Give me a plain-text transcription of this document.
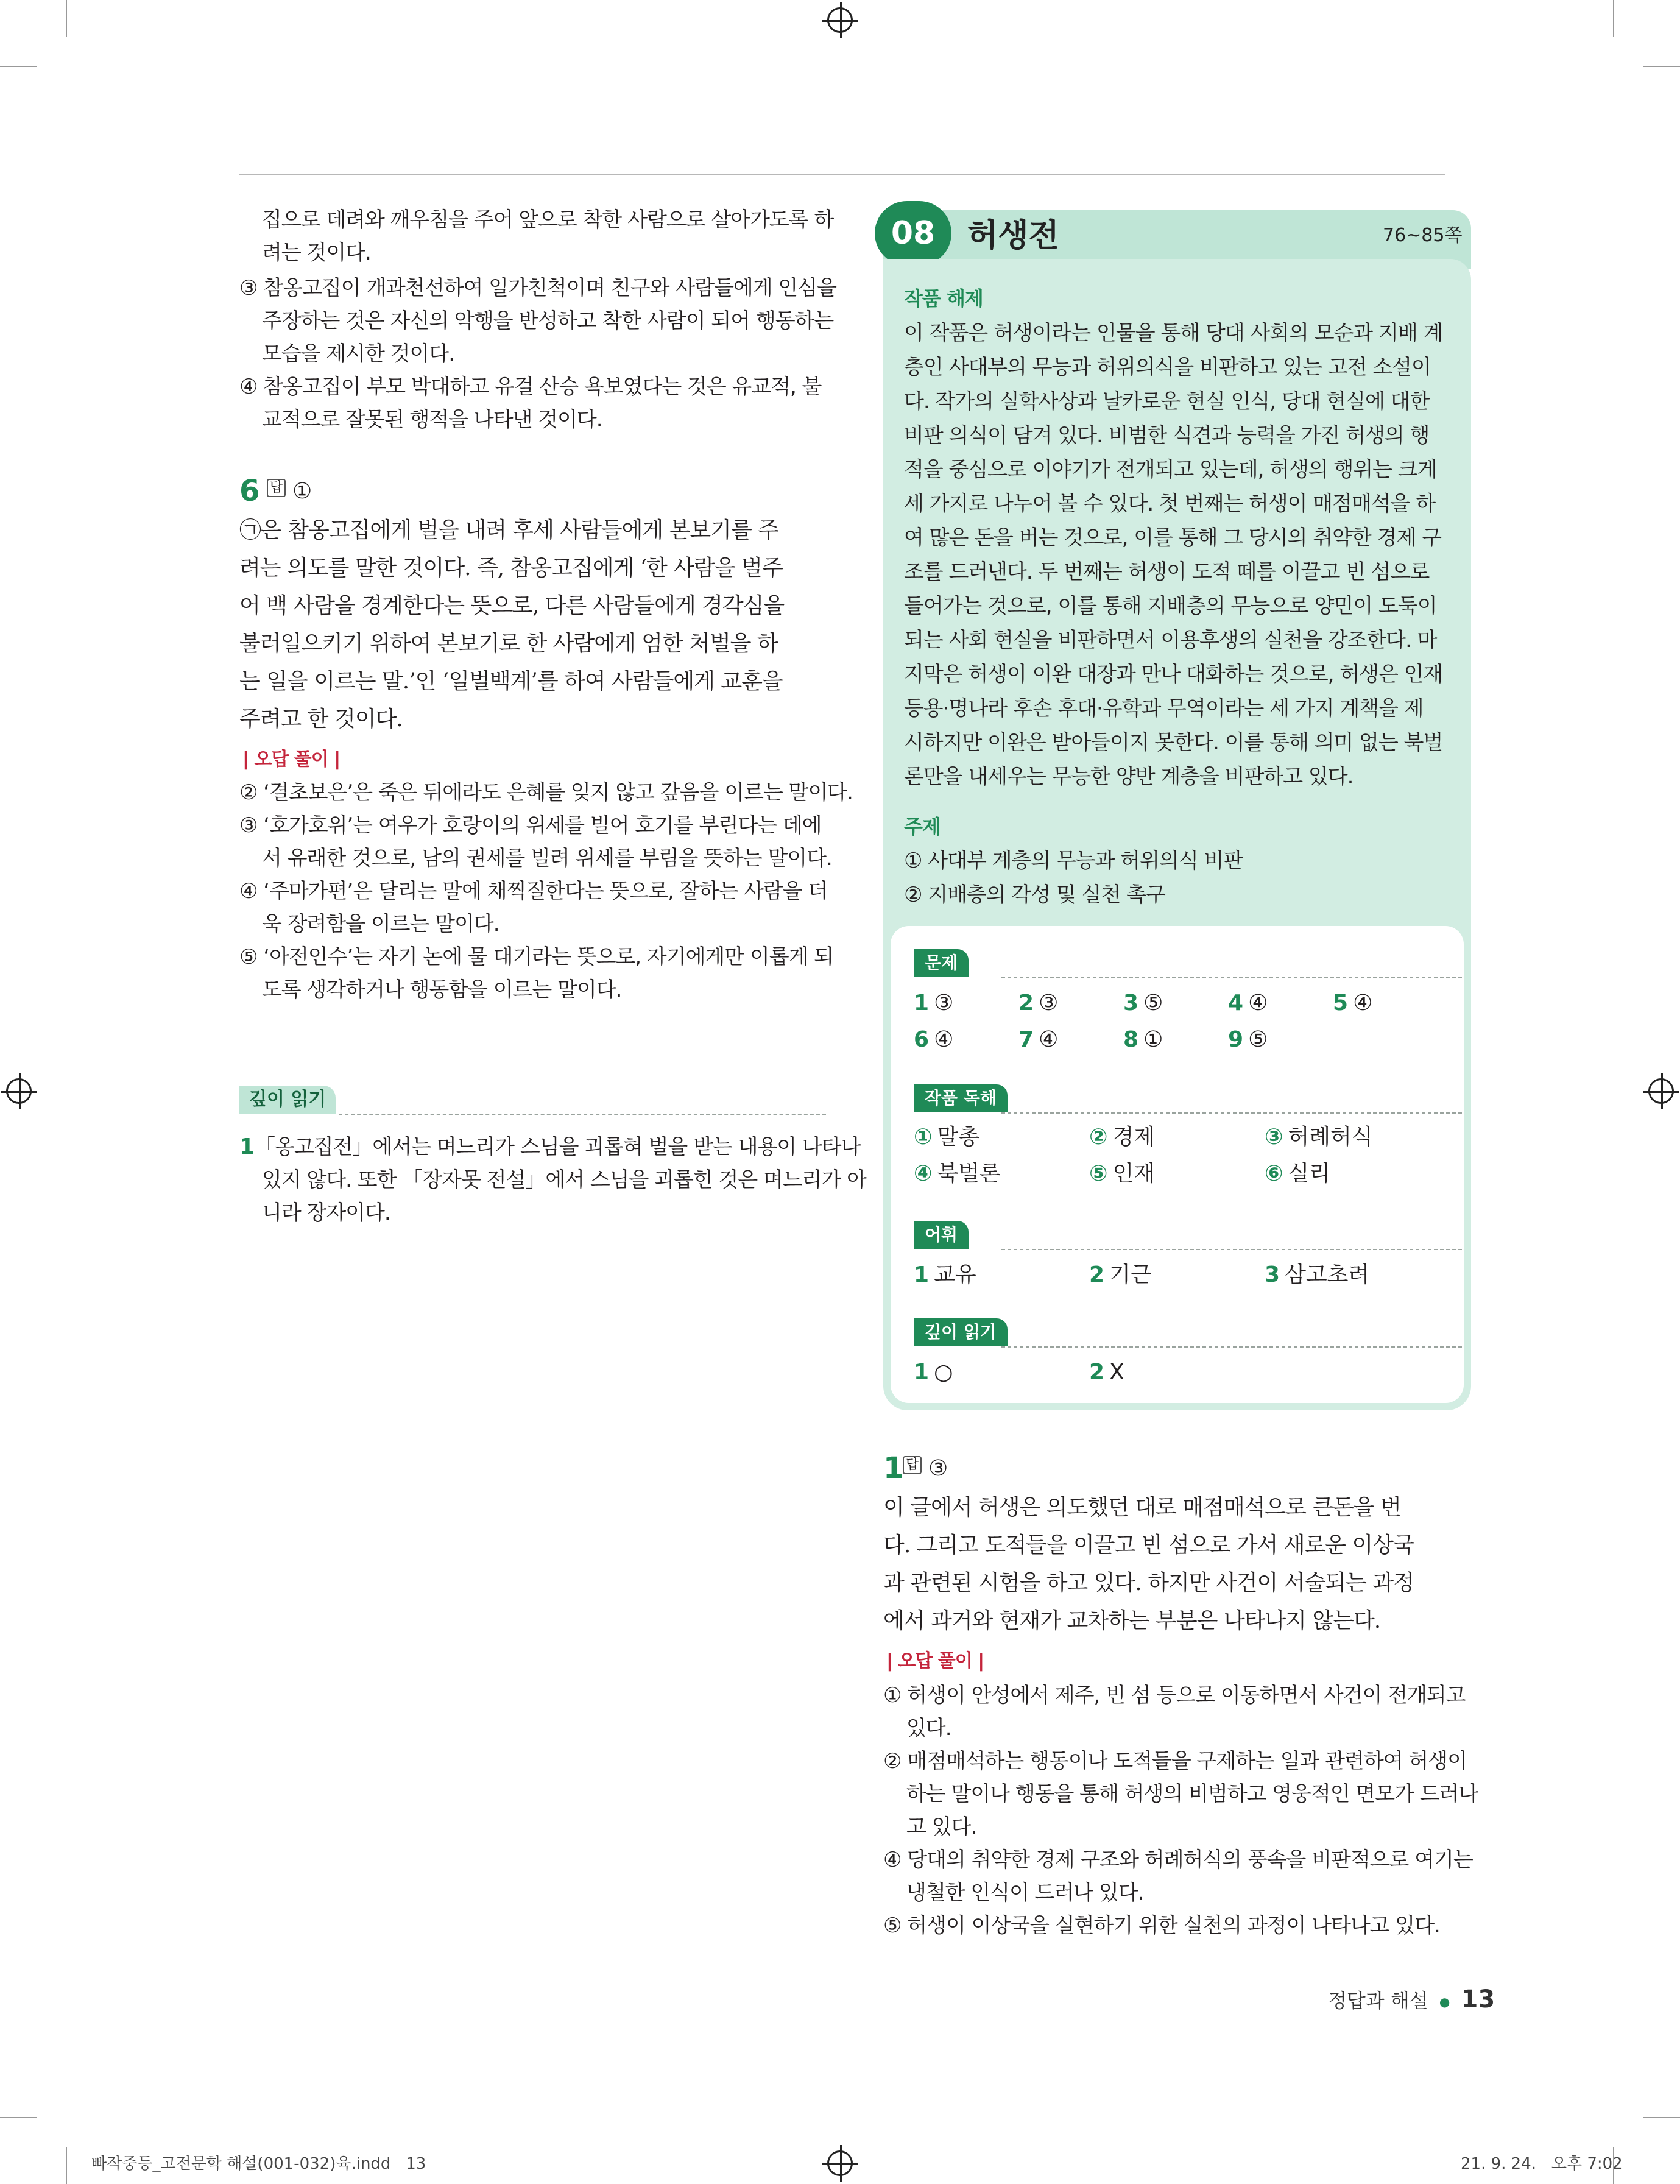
집으로 데려와 깨우침을 주어 앞으로 착한 사람으로 살아가도록 하
려는 것이다.
③ 참옹고집이 개과천선하여 일가친척이며 친구와 사람들에게 인심을
주장하는 것은 자신의 악행을 반성하고 착한 사람이 되어 행동하는
모습을 제시한 것이다.
④ 참옹고집이 부모 박대하고 유걸 산승 욕보였다는 것은 유교적, 불
교적으로 잘못된 행적을 나타낸 것이다.
6 답 ①
㉠은 참옹고집에게 벌을 내려 후세 사람들에게 본보기를 주
려는 의도를 말한 것이다. 즉, 참옹고집에게 ‘한 사람을 벌주
어 백 사람을 경계한다는 뜻으로, 다른 사람들에게 경각심을
불러일으키기 위하여 본보기로 한 사람에게 엄한 처벌을 하
는 일을 이르는 말.’인 ‘일벌백계’를 하여 사람들에게 교훈을
주려고 한 것이다.
| 오답 풀이 |
② ‘결초보은’은 죽은 뒤에라도 은혜를 잊지 않고 갚음을 이르는 말이다.
③ ‘호가호위’는 여우가 호랑이의 위세를 빌어 호기를 부린다는 데에
서 유래한 것으로, 남의 권세를 빌려 위세를 부림을 뜻하는 말이다.
④ ‘주마가편’은 달리는 말에 채찍질한다는 뜻으로, 잘하는 사람을 더
욱 장려함을 이르는 말이다.
⑤ ‘아전인수’는 자기 논에 물 대기라는 뜻으로, 자기에게만 이롭게 되
도록 생각하거나 행동함을 이르는 말이다.
깊이 읽기
1 「옹고집전」에서는 며느리가 스님을 괴롭혀 벌을 받는 내용이 나타나
있지 않다. 또한 「장자못 전설」에서 스님을 괴롭힌 것은 며느리가 아
니라 장자이다.
08	허생전	76~85쪽
작품 해제
이 작품은 허생이라는 인물을 통해 당대 사회의 모순과 지배 계
층인 사대부의 무능과 허위의식을 비판하고 있는 고전 소설이
다. 작가의 실학사상과 날카로운 현실 인식, 당대 현실에 대한
비판 의식이 담겨 있다. 비범한 식견과 능력을 가진 허생의 행
적을 중심으로 이야기가 전개되고 있는데, 허생의 행위는 크게
세 가지로 나누어 볼 수 있다. 첫 번째는 허생이 매점매석을 하
여 많은 돈을 버는 것으로, 이를 통해 그 당시의 취약한 경제 구
조를 드러낸다. 두 번째는 허생이 도적 떼를 이끌고 빈 섬으로
들어가는 것으로, 이를 통해 지배층의 무능으로 양민이 도둑이
되는 사회 현실을 비판하면서 이용후생의 실천을 강조한다. 마
지막은 허생이 이완 대장과 만나 대화하는 것으로, 허생은 인재
등용·명나라 후손 후대·유학과 무역이라는 세 가지 계책을 제
시하지만 이완은 받아들이지 못한다. 이를 통해 의미 없는 북벌
론만을 내세우는 무능한 양반 계층을 비판하고 있다.
주제
① 사대부 계층의 무능과 허위의식 비판
② 지배층의 각성 및 실천 촉구
문제
1 ③	2 ③	3 ⑤	4 ④	5 ④
6 ④	7 ④	8 ①	9 ⑤
작품 독해
① 말총	② 경제	③ 허례허식
④ 북벌론	⑤ 인재	⑥ 실리
어휘
1 교유	2 기근	3 삼고초려
깊이 읽기
1 ○	2 X
1 답 ③
이 글에서 허생은 의도했던 대로 매점매석으로 큰돈을 번
다. 그리고 도적들을 이끌고 빈 섬으로 가서 새로운 이상국
과 관련된 시험을 하고 있다. 하지만 사건이 서술되는 과정
에서 과거와 현재가 교차하는 부분은 나타나지 않는다.
| 오답 풀이 |
① 허생이 안성에서 제주, 빈 섬 등으로 이동하면서 사건이 전개되고
있다.
② 매점매석하는 행동이나 도적들을 구제하는 일과 관련하여 허생이
하는 말이나 행동을 통해 허생의 비범하고 영웅적인 면모가 드러나
고 있다.
④ 당대의 취약한 경제 구조와 허례허식의 풍속을 비판적으로 여기는
냉철한 인식이 드러나 있다.
⑤ 허생이 이상국을 실현하기 위한 실천의 과정이 나타나고 있다.
정답과 해설 ● 13
빠작중등_고전문학 해설(001-032)육.indd   13	21. 9. 24.   오후 7:02
